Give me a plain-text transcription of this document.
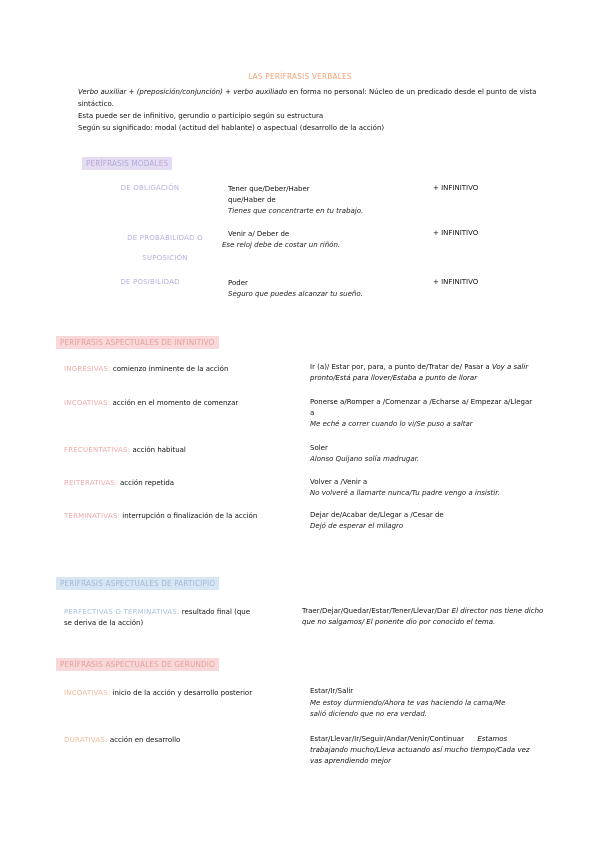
LAS PERÍFRASIS VERBALES

Verbo auxiliar + (preposición/conjunción) + verbo auxiliado en forma no personal: Núcleo de un predicado desde el punto de vista sintáctico.

Esta puede ser de infinitivo, gerundio o participio según su estructura

Según su significado: modal (actitud del hablante) o aspectual (desarrollo de la acción)

PERÍFRASIS MODALES
DE OBLIGACIÓN	Tener que/Deber/Haber que/Haber de
Tienes que concentrarte en tu trabajo.
+ INFINITIVO
DE PROBABILIDAD O SUPOSICIÓN
Venir a/ Deber de
Ese reloj debe de costar un riñón.
+ INFINITIVO
DE POSIBILIDAD	Poder
Seguro que puedes alcanzar tu sueño.
+ INFINITIVO
PERÍFRASIS ASPECTUALES DE INFINITIVO
INGRESIVAS: comienzo inminente de la acción	Ir (a)/ Estar por, para, a punto de/Tratar de/ Pasar a Voy a salir pronto/Está para llover/Estaba a punto de llorar
INCOATIVAS: acción en el momento de comenzar	Ponerse a/Romper a /Comenzar a /Echarse a/ Empezar a/Llegar a
Me eché a correr cuando lo vi/Se puso a saltar
FRECUENTATIVAS: acción habitual	Soler
Alonso Quijano solía madrugar.
REITERATIVAS: acción repetida	Volver a /Venir a
No volveré a llamarte nunca/Tu padre vengo a insistir.
TERMINATIVAS: interrupción o finalización de la acción	Dejar de/Acabar de/Llegar a /Cesar de
Dejó de esperar el milagro
PERÍFRASIS ASPECTUALES DE PARTICIPIO
PERFECTIVAS O TERMINATIVAS: resultado final (que se deriva de la acción)
Traer/Dejar/Quedar/Estar/Tener/Llevar/Dar El director nos tiene dicho que no salgamos/ El ponente dio por conocido el tema.
PERÍFRASIS ASPECTUALES DE GERUNDIO
INCOATIVAS: inicio de la acción y desarrollo posterior	Estar/Ir/Salir
Me estoy durmiendo/Ahora te vas haciendo la cama/Me salió diciendo que no era verdad.
DURATIVAS: acción en desarrollo	Estar/Llevar/Ir/Seguir/Andar/Venir/Continuar Estamos trabajando mucho/Lleva actuando así mucho tiempo/Cada vez vas aprendiendo mejor
